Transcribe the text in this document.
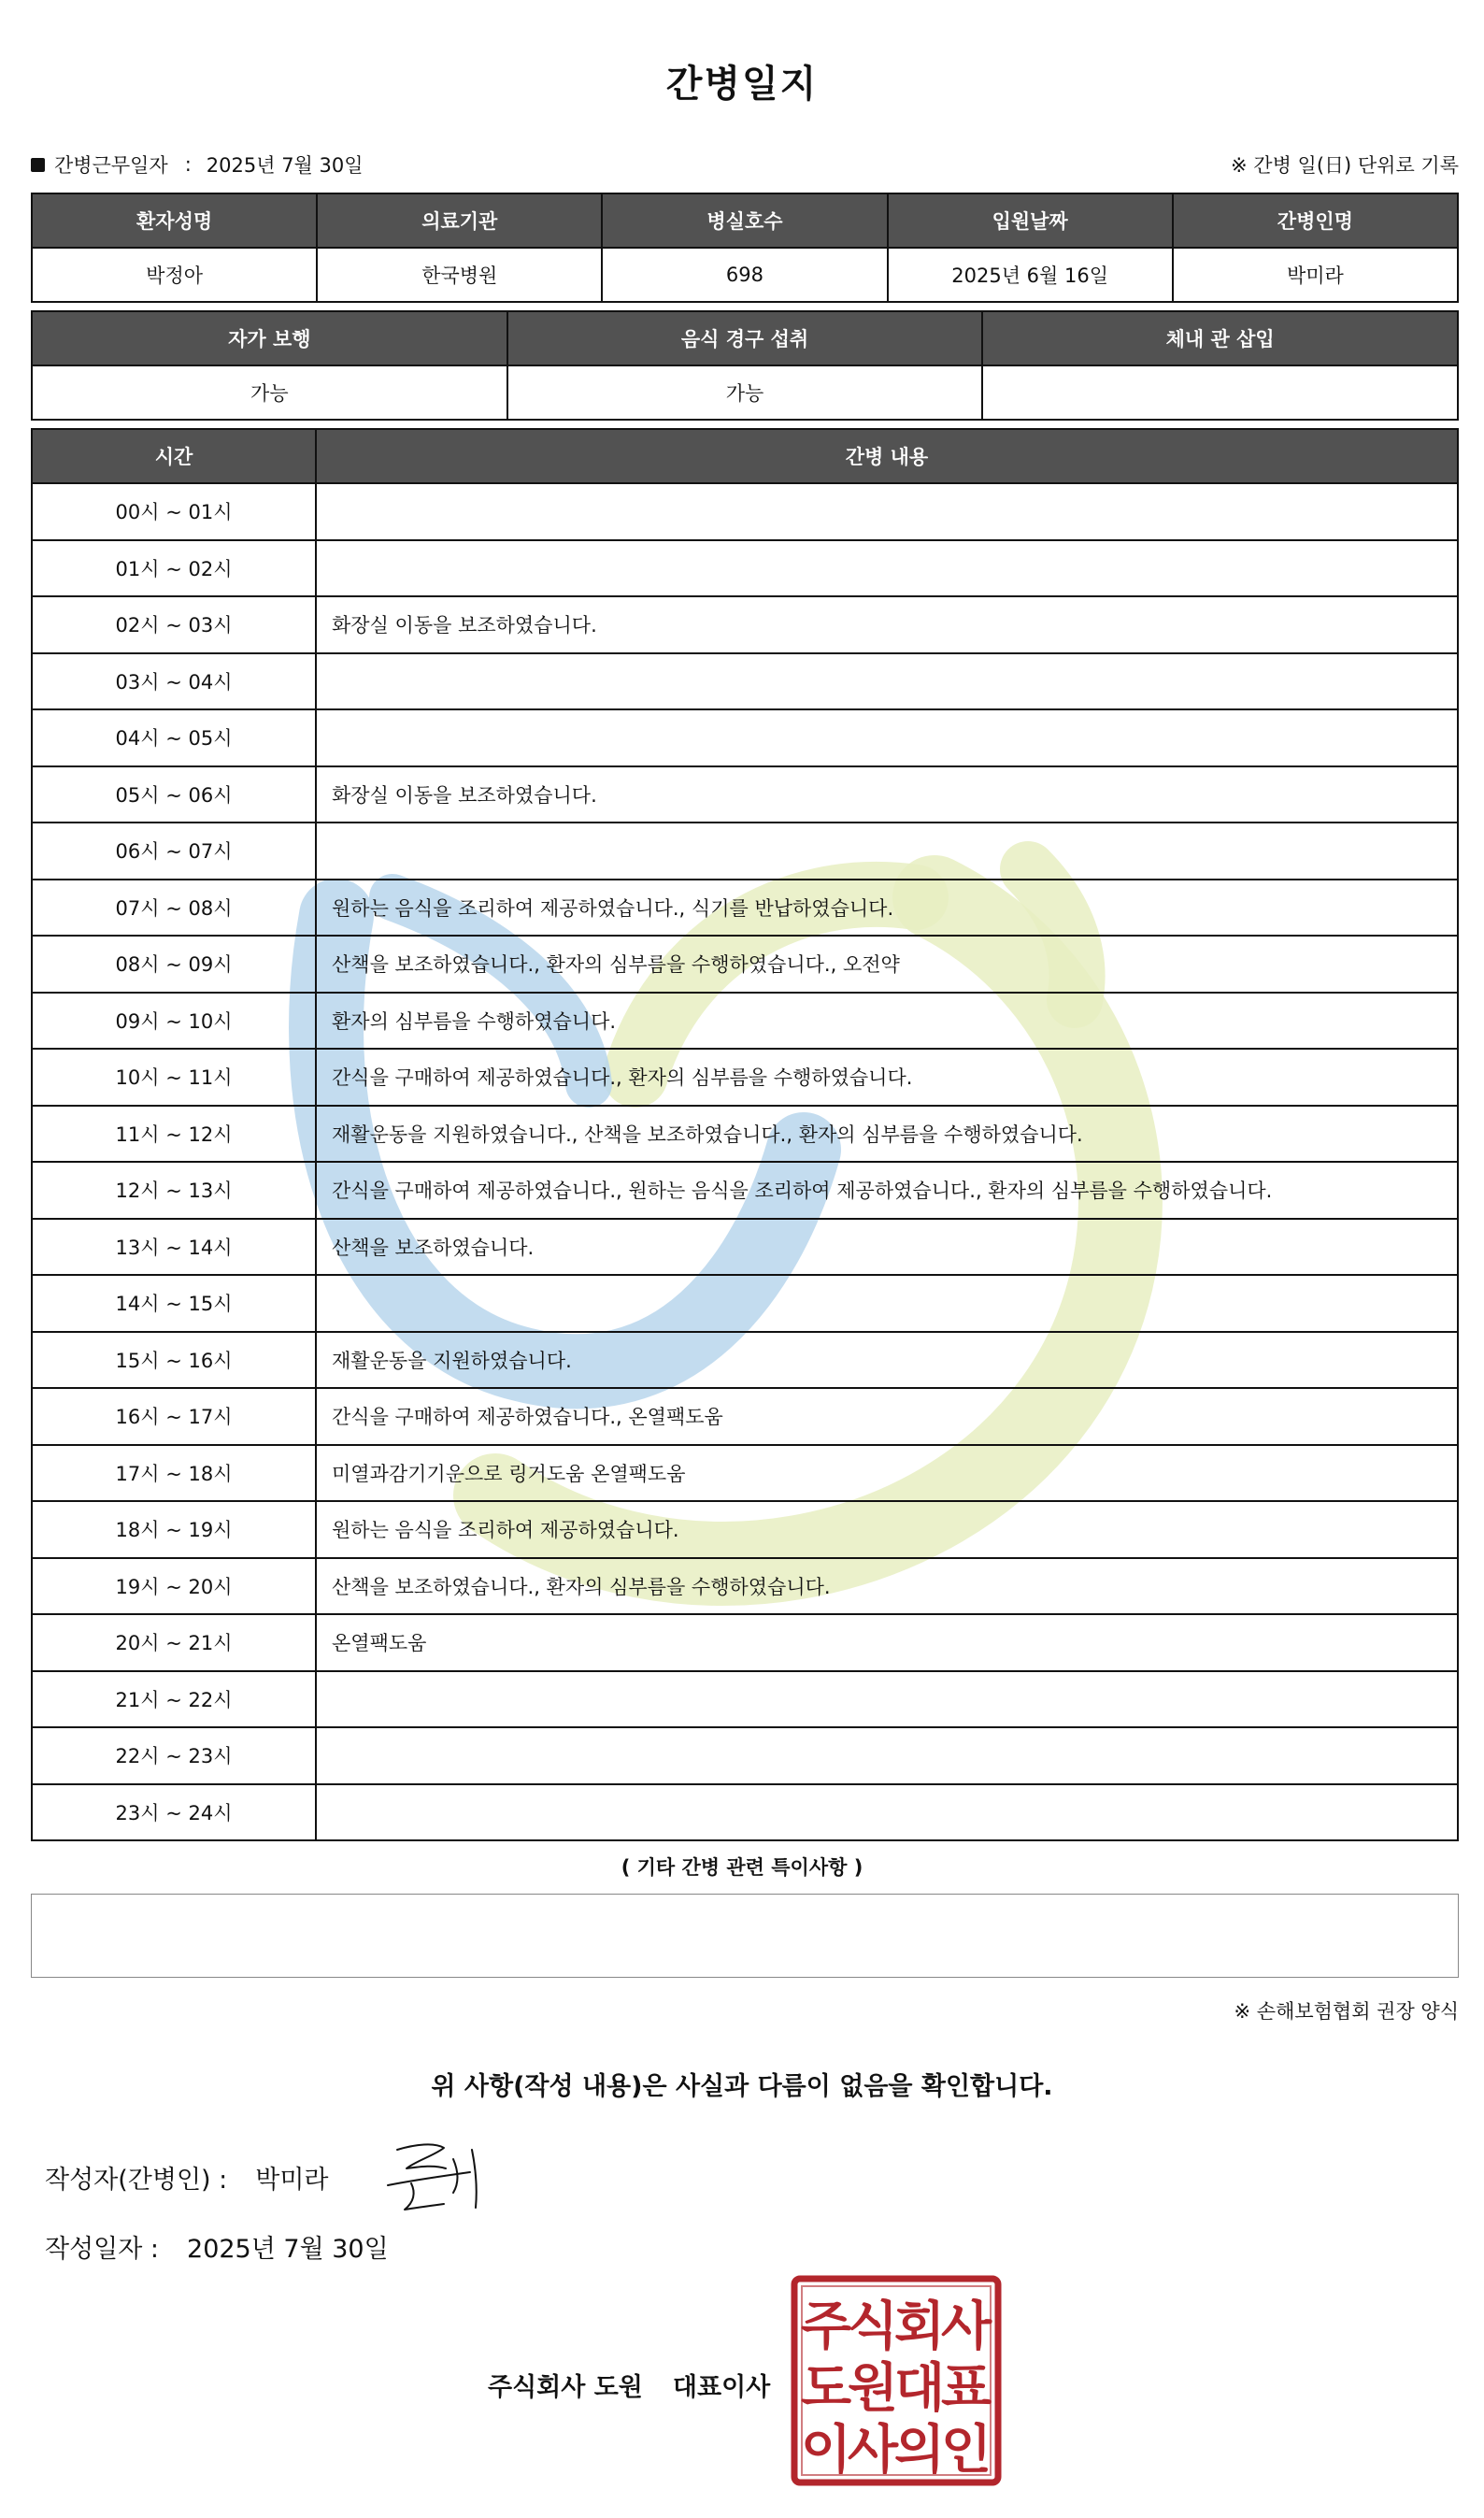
간병일지
간병근무일자 : 2025년 7월 30일	※ 간병 일(日) 단위로 기록
환자성명	의료기관	병실호수	입원날짜	간병인명
박정아	한국병원	698	2025년 6월 16일	박미라
자가 보행	음식 경구 섭취	체내 관 삽입
가능	가능	
시간	간병 내용
00시 ~ 01시	
01시 ~ 02시	
02시 ~ 03시	화장실 이동을 보조하였습니다.
03시 ~ 04시	
04시 ~ 05시	
05시 ~ 06시	화장실 이동을 보조하였습니다.
06시 ~ 07시	
07시 ~ 08시	원하는 음식을 조리하여 제공하였습니다., 식기를 반납하였습니다.
08시 ~ 09시	산책을 보조하였습니다., 환자의 심부름을 수행하였습니다., 오전약
09시 ~ 10시	환자의 심부름을 수행하였습니다.
10시 ~ 11시	간식을 구매하여 제공하였습니다., 환자의 심부름을 수행하였습니다.
11시 ~ 12시	재활운동을 지원하였습니다., 산책을 보조하였습니다., 환자의 심부름을 수행하였습니다.
12시 ~ 13시	간식을 구매하여 제공하였습니다., 원하는 음식을 조리하여 제공하였습니다., 환자의 심부름을 수행하였습니다.
13시 ~ 14시	산책을 보조하였습니다.
14시 ~ 15시	
15시 ~ 16시	재활운동을 지원하였습니다.
16시 ~ 17시	간식을 구매하여 제공하였습니다., 온열팩도움
17시 ~ 18시	미열과감기기운으로 링거도움 온열팩도움
18시 ~ 19시	원하는 음식을 조리하여 제공하였습니다.
19시 ~ 20시	산책을 보조하였습니다., 환자의 심부름을 수행하였습니다.
20시 ~ 21시	온열팩도움
21시 ~ 22시	
22시 ~ 23시	
23시 ~ 24시	
( 기타 간병 관련 특이사항 )
※ 손해보험협회 권장 양식
위 사항(작성 내용)은 사실과 다름이 없음을 확인합니다.
작성자(간병인) : 박미라
작성일자 : 2025년 7월 30일
주식회사 도원 대표이사
주
식
회
사
도
원
대
표
이
사
의
인
